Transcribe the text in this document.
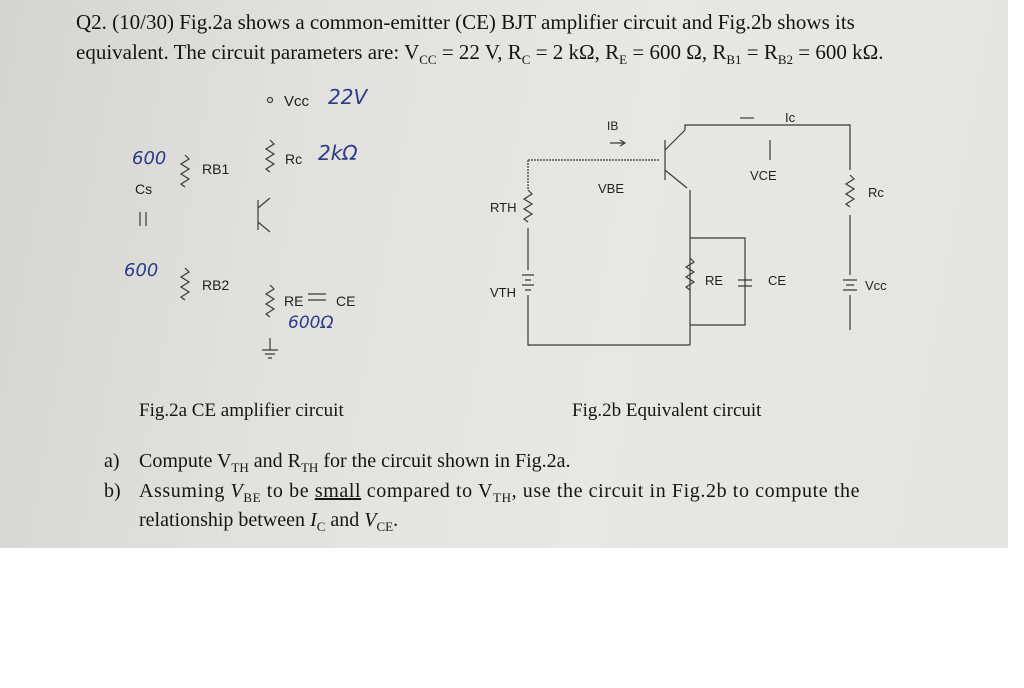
Q2. (10/30) Fig.2a shows a common-emitter (CE) BJT amplifier circuit and Fig.2b shows its
equivalent. The circuit parameters are: $V_{CC} = 22$ V, $R_C = 2$ kΩ, $R_E = 600$ Ω, $R_{B1} = R_{B2} = 600$ kΩ.
Vcc
RB1
Rc
Cs
RB2
RE CE
22V
2kΩ
600
600
600Ω
IB
Ic
VBE
VCE
RTH
VTH
RE	CE
Rc
Vcc
Fig.2a CE amplifier circuit	Fig.2b Equivalent circuit
a) Compute $V_{TH}$ and $R_{TH}$ for the circuit shown in Fig.2a.
b) Assuming $V_{BE}$ to be small compared to $V_{TH}$, use the circuit in Fig.2b to compute the
relationship between $I_C$ and $V_{CE}$.
